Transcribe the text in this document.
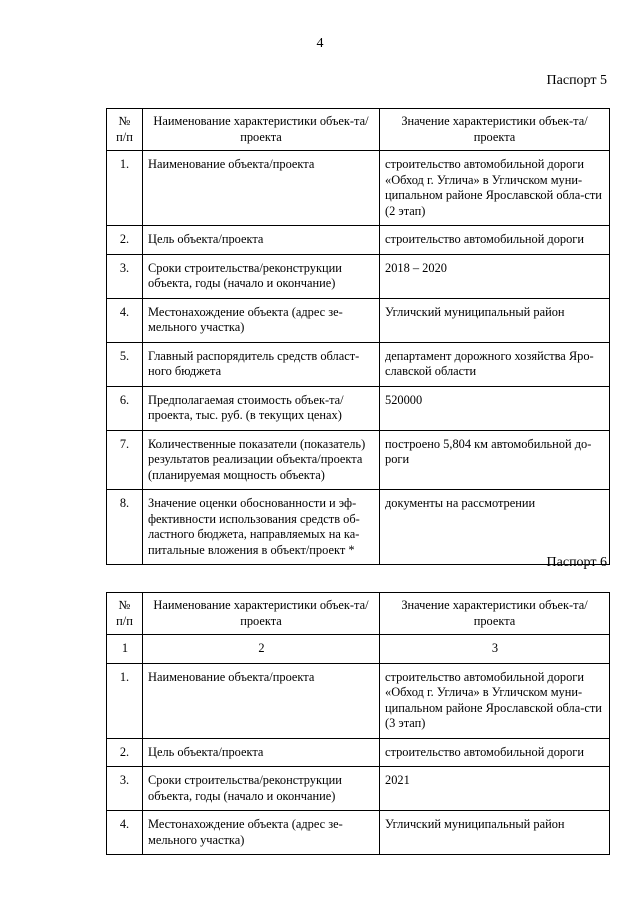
4
Паспорт 5
№ п/п	Наименование характеристики объек-та/проекта	Значение характеристики объек-та/проекта
1.	Наименование объекта/проекта	строительство автомобильной дороги «Обход г. Углича» в Угличском муни-ципальном районе Ярославской обла-сти (2 этап)
2.	Цель объекта/проекта	строительство автомобильной дороги
3.	Сроки строительства/реконструкции объекта, годы (начало и окончание)	2018 – 2020
4.	Местонахождение объекта (адрес зе-мельного участка)	Угличский муниципальный район
5.	Главный распорядитель средств област-ного бюджета	департамент дорожного хозяйства Яро-славской области
6.	Предполагаемая стоимость объек-та/проекта, тыс. руб. (в текущих ценах)	520000
7.	Количественные показатели (показатель) результатов реализации объекта/проекта (планируемая мощность объекта)	построено 5,804 км автомобильной до-роги
8.	Значение оценки обоснованности и эф-фективности использования средств об-ластного бюджета, направляемых на ка-питальные вложения в объект/проект *	документы на рассмотрении
Паспорт 6
№ п/п	Наименование характеристики объек-та/проекта	Значение характеристики объек-та/проекта
1	2	3
1.	Наименование объекта/проекта	строительство автомобильной дороги «Обход г. Углича» в Угличском муни-ципальном районе Ярославской обла-сти (3 этап)
2.	Цель объекта/проекта	строительство автомобильной дороги
3.	Сроки строительства/реконструкции объекта, годы (начало и окончание)	2021
4.	Местонахождение объекта (адрес зе-мельного участка)	Угличский муниципальный район
